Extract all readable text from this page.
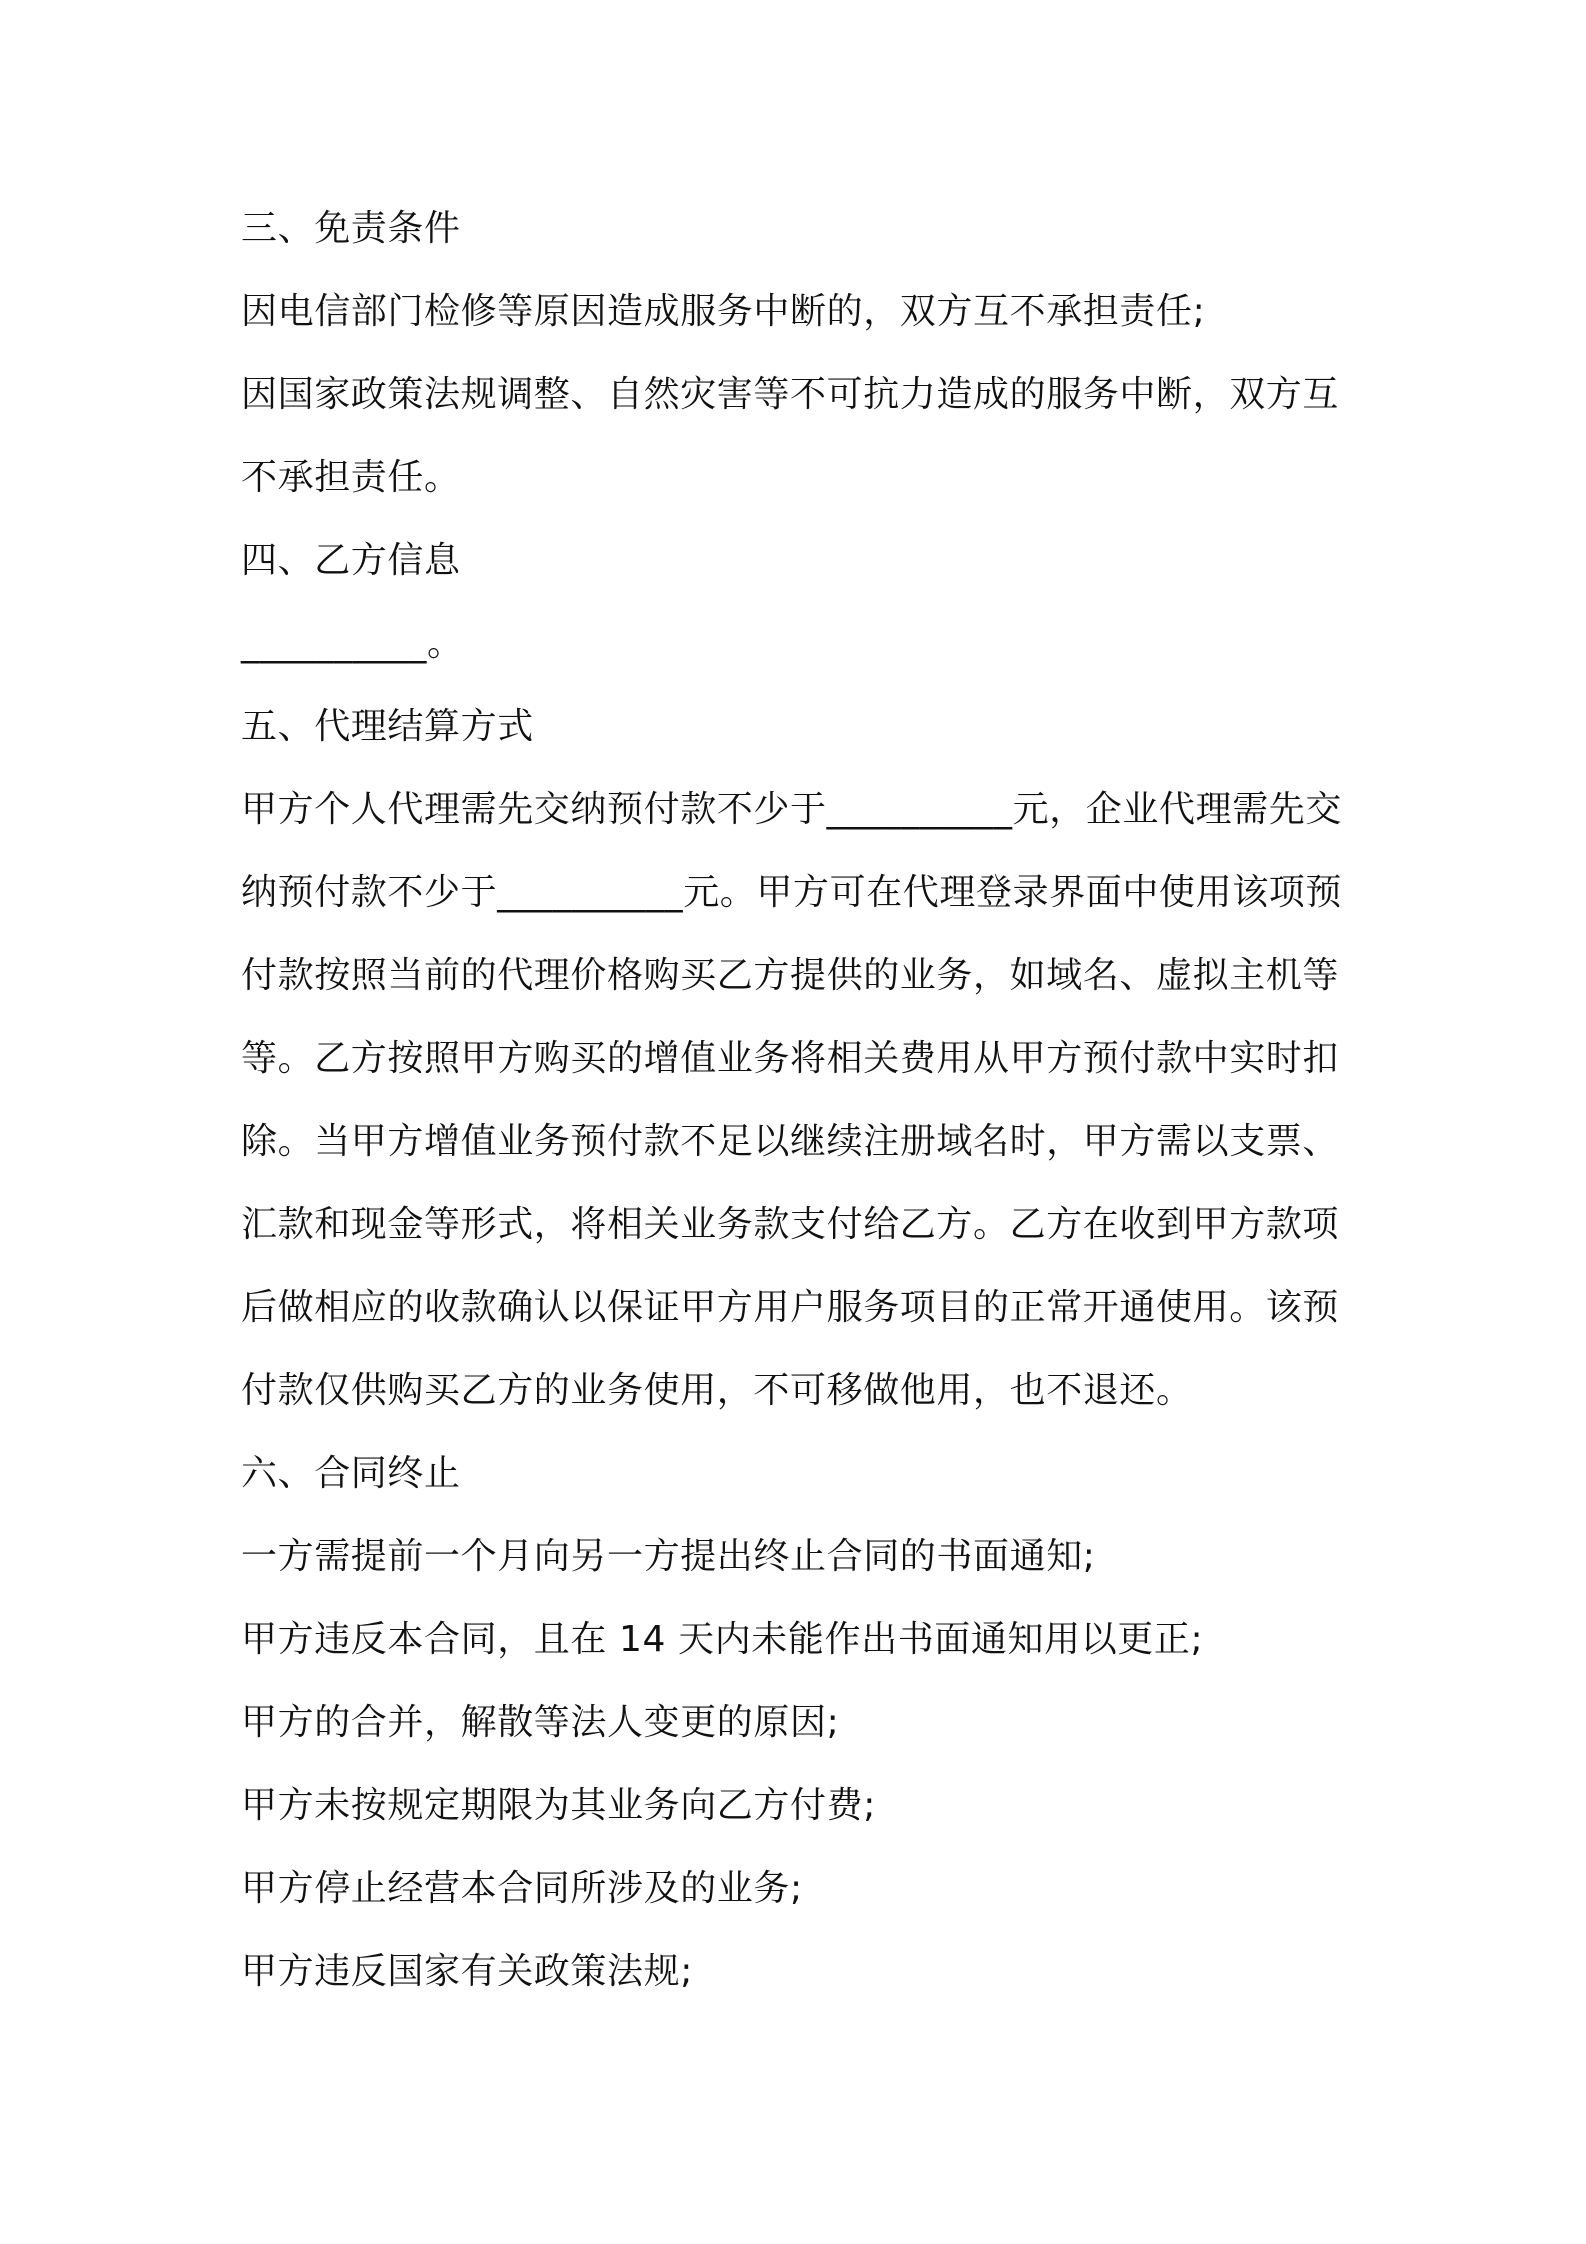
三、免责条件
因电信部门检修等原因造成服务中断的，双方互不承担责任;
因国家政策法规调整、自然灾害等不可抗力造成的服务中断，双方互
不承担责任。
四、乙方信息
__________。
五、代理结算方式
甲方个人代理需先交纳预付款不少于__________元，企业代理需先交
纳预付款不少于__________元。甲方可在代理登录界面中使用该项预
付款按照当前的代理价格购买乙方提供的业务，如域名、虚拟主机等
等。乙方按照甲方购买的增值业务将相关费用从甲方预付款中实时扣
除。当甲方增值业务预付款不足以继续注册域名时，甲方需以支票、
汇款和现金等形式，将相关业务款支付给乙方。乙方在收到甲方款项
后做相应的收款确认以保证甲方用户服务项目的正常开通使用。该预
付款仅供购买乙方的业务使用，不可移做他用，也不退还。
六、合同终止
一方需提前一个月向另一方提出终止合同的书面通知;
甲方违反本合同，且在 14 天内未能作出书面通知用以更正;
甲方的合并，解散等法人变更的原因;
甲方未按规定期限为其业务向乙方付费;
甲方停止经营本合同所涉及的业务;
甲方违反国家有关政策法规;
